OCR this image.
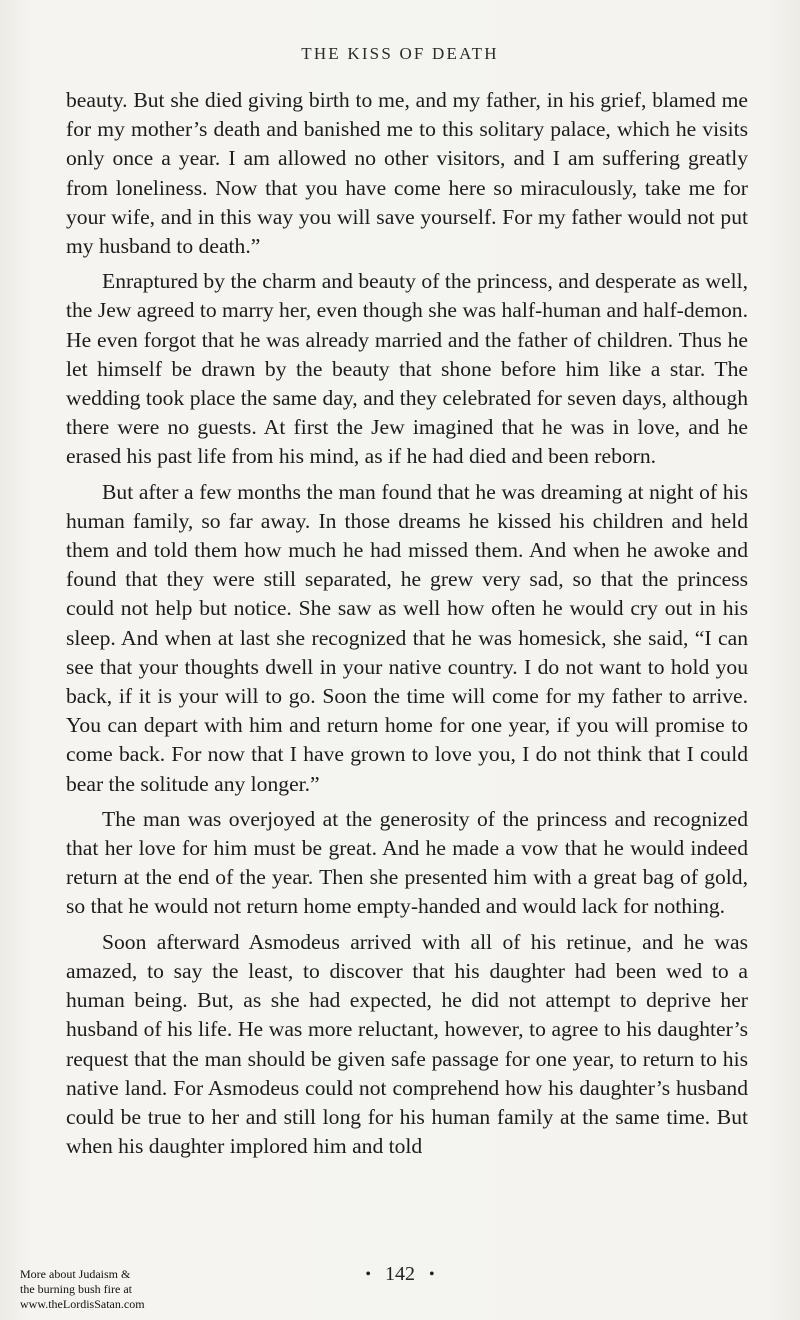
THE KISS OF DEATH

beauty. But she died giving birth to me, and my father, in his grief, blamed me for my mother’s death and banished me to this solitary palace, which he visits only once a year. I am allowed no other visitors, and I am suffering greatly from loneliness. Now that you have come here so miraculously, take me for your wife, and in this way you will save yourself. For my father would not put my husband to death.”

Enraptured by the charm and beauty of the princess, and desperate as well, the Jew agreed to marry her, even though she was half-human and half-demon. He even forgot that he was already married and the father of children. Thus he let himself be drawn by the beauty that shone before him like a star. The wedding took place the same day, and they celebrated for seven days, although there were no guests. At first the Jew imagined that he was in love, and he erased his past life from his mind, as if he had died and been reborn.

But after a few months the man found that he was dreaming at night of his human family, so far away. In those dreams he kissed his children and held them and told them how much he had missed them. And when he awoke and found that they were still separated, he grew very sad, so that the princess could not help but notice. She saw as well how often he would cry out in his sleep. And when at last she recognized that he was homesick, she said, “I can see that your thoughts dwell in your native country. I do not want to hold you back, if it is your will to go. Soon the time will come for my father to arrive. You can depart with him and return home for one year, if you will promise to come back. For now that I have grown to love you, I do not think that I could bear the solitude any longer.”

The man was overjoyed at the generosity of the princess and recognized that her love for him must be great. And he made a vow that he would indeed return at the end of the year. Then she presented him with a great bag of gold, so that he would not return home empty-handed and would lack for nothing.

Soon afterward Asmodeus arrived with all of his retinue, and he was amazed, to say the least, to discover that his daughter had been wed to a human being. But, as she had expected, he did not attempt to deprive her husband of his life. He was more reluctant, however, to agree to his daughter’s request that the man should be given safe passage for one year, to return to his native land. For Asmodeus could not comprehend how his daughter’s husband could be true to her and still long for his human family at the same time. But when his daughter implored him and told

• 142 •
More about Judaism &
the burning bush fire at
www.theLordisSatan.com
